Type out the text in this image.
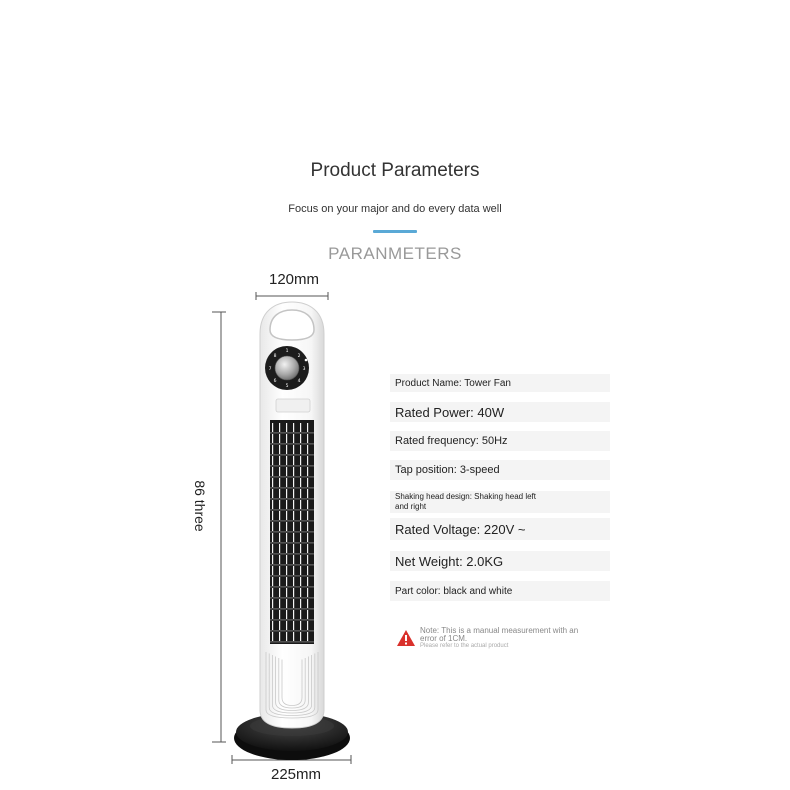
Product Parameters
Focus on your major and do every data well
PARANMETERS
120mm
225mm
86 three
1
2
3
4
5
6
7
8
Product Name: Tower Fan
Rated Power: 40W
Rated frequency: 50Hz
Tap position: 3-speed
Shaking head design: Shaking head left and right
Rated Voltage: 220V ~
Net Weight: 2.0KG
Part color: black and white
Note: This is a manual measurement with an error of 1CM.
Please refer to the actual product
